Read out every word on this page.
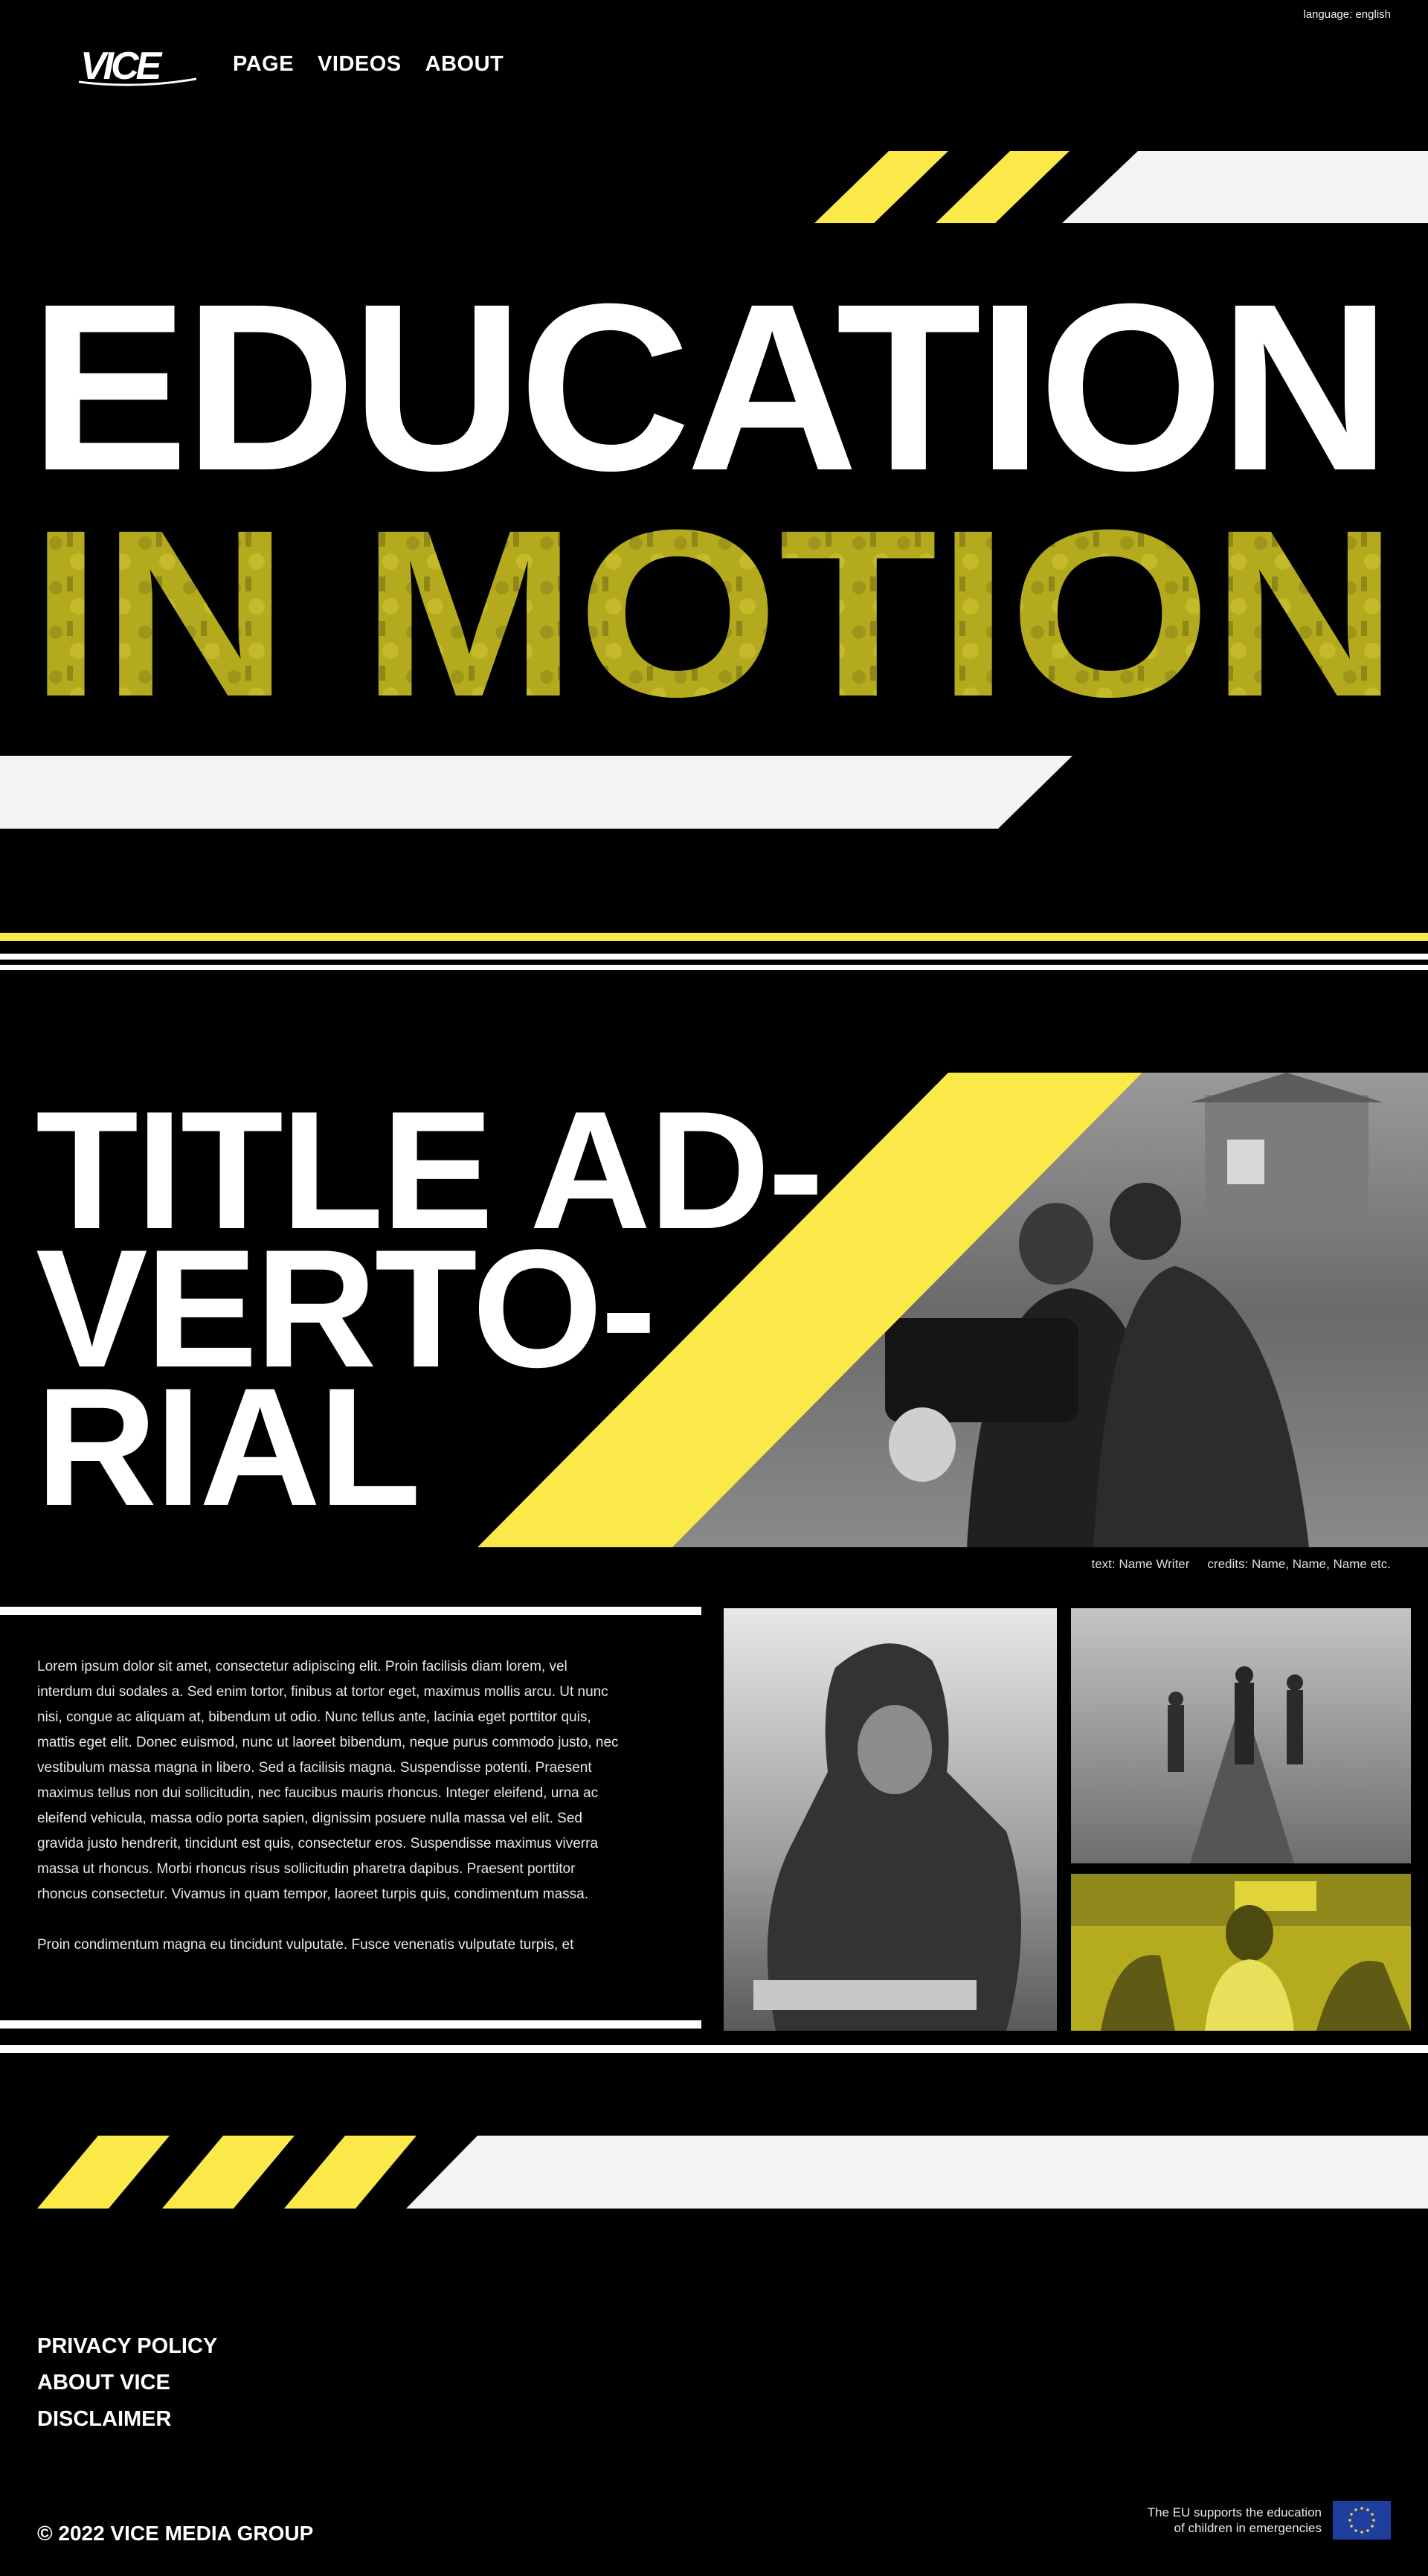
language: english
VICE	PAGE VIDEOS ABOUT
EDUCATION
IN MOTION
TITLE AD-
VERTO-
RIAL
text: Name Writer credits: Name, Name, Name etc.

Lorem ipsum dolor sit amet, consectetur adipiscing elit. Proin facilisis diam lorem, vel interdum dui sodales a. Sed enim tortor, finibus at tortor eget, maximus mollis arcu. Ut nunc nisi, congue ac aliquam at, bibendum ut odio. Nunc tellus ante, lacinia eget porttitor quis, mattis eget elit. Donec euismod, nunc ut laoreet bibendum, neque purus commodo justo, nec vestibulum massa magna in libero. Sed a facilisis magna. Suspendisse potenti. Praesent maximus tellus non dui sollicitudin, nec faucibus mauris rhoncus. Integer eleifend, urna ac eleifend vehicula, massa odio porta sapien, dignissim posuere nulla massa vel elit. Sed gravida justo hendrerit, tincidunt est quis, consectetur eros. Suspendisse maximus viverra massa ut rhoncus. Morbi rhoncus risus sollicitudin pharetra dapibus. Praesent porttitor rhoncus consectetur. Vivamus in quam tempor, laoreet turpis quis, condimentum massa.

Proin condimentum magna eu tincidunt vulputate. Fusce venenatis vulputate turpis, et

PRIVACY POLICY
ABOUT VICE
DISCLAIMER
© 2022 VICE MEDIA GROUP
The EU supports the education
of children in emergencies
